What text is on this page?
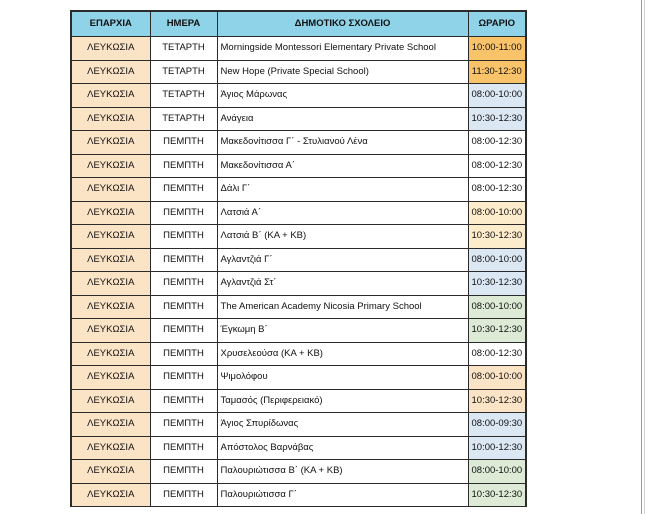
ΕΠΑΡΧΙΑ	ΗΜΕΡΑ	ΔΗΜΟΤΙΚΟ ΣΧΟΛΕΙΟ	ΩΡΑΡΙΟ
ΛΕΥΚΩΣΙΑ	ΤΕΤΑΡΤΗ	Morningside Montessori Elementary Private School	10:00-11:00
ΛΕΥΚΩΣΙΑ	ΤΕΤΑΡΤΗ	New Hope (Private Special School)	11:30-12:30
ΛΕΥΚΩΣΙΑ	ΤΕΤΑΡΤΗ	Άγιος Μάρωνας	08:00-10:00
ΛΕΥΚΩΣΙΑ	ΤΕΤΑΡΤΗ	Ανάγεια	10:30-12:30
ΛΕΥΚΩΣΙΑ	ΠΕΜΠΤΗ	Μακεδονίτισσα Γ΄ - Στυλιανού Λένα	08:00-12:30
ΛΕΥΚΩΣΙΑ	ΠΕΜΠΤΗ	Μακεδονίτισσα Α΄	08:00-12:30
ΛΕΥΚΩΣΙΑ	ΠΕΜΠΤΗ	Δάλι Γ΄	08:00-12:30
ΛΕΥΚΩΣΙΑ	ΠΕΜΠΤΗ	Λατσιά Α΄	08:00-10:00
ΛΕΥΚΩΣΙΑ	ΠΕΜΠΤΗ	Λατσιά Β΄ (ΚΑ + ΚΒ)	10:30-12:30
ΛΕΥΚΩΣΙΑ	ΠΕΜΠΤΗ	Αγλαντζιά Γ΄	08:00-10:00
ΛΕΥΚΩΣΙΑ	ΠΕΜΠΤΗ	Αγλαντζιά Στ΄	10:30-12:30
ΛΕΥΚΩΣΙΑ	ΠΕΜΠΤΗ	The American Academy Nicosia Primary School	08:00-10:00
ΛΕΥΚΩΣΙΑ	ΠΕΜΠΤΗ	Έγκωμη Β΄	10:30-12:30
ΛΕΥΚΩΣΙΑ	ΠΕΜΠΤΗ	Χρυσελεούσα (ΚΑ + ΚΒ)	08:00-12:30
ΛΕΥΚΩΣΙΑ	ΠΕΜΠΤΗ	Ψιμολόφου	08:00-10:00
ΛΕΥΚΩΣΙΑ	ΠΕΜΠΤΗ	Ταμασός (Περιφερειακό)	10:30-12:30
ΛΕΥΚΩΣΙΑ	ΠΕΜΠΤΗ	Άγιος Σπυρίδωνας	08:00-09:30
ΛΕΥΚΩΣΙΑ	ΠΕΜΠΤΗ	Απόστολος Βαρνάβας	10:00-12:30
ΛΕΥΚΩΣΙΑ	ΠΕΜΠΤΗ	Παλουριώτισσα Β΄ (ΚΑ + ΚΒ)	08:00-10:00
ΛΕΥΚΩΣΙΑ	ΠΕΜΠΤΗ	Παλουριώτισσα Γ΄	10:30-12:30
